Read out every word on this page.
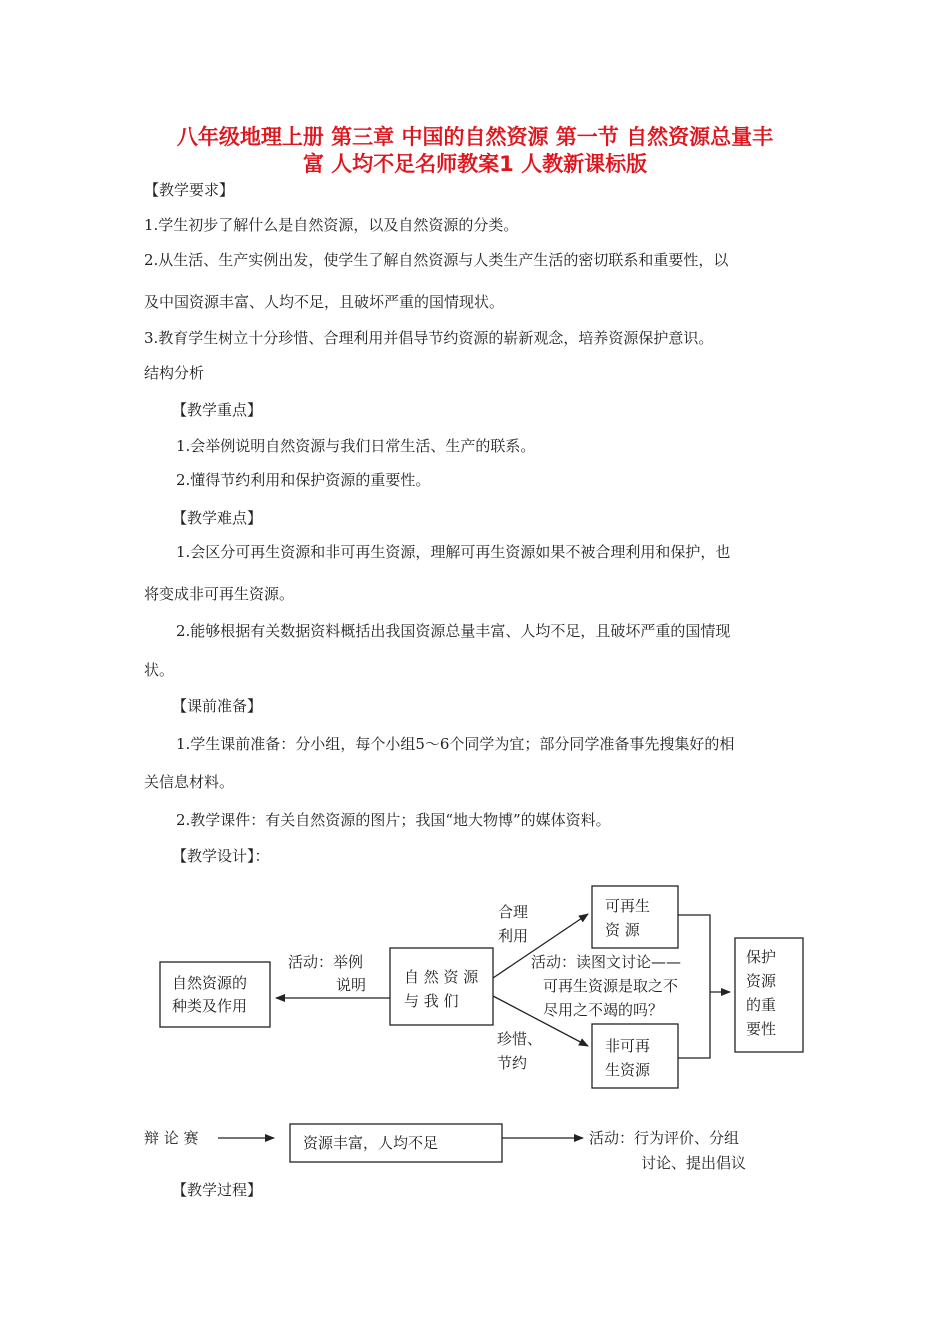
八年级地理上册 第三章 中国的自然资源 第一节 自然资源总量丰
富 人均不足名师教案1 人教新课标版
【教学要求】
1.学生初步了解什么是自然资源，以及自然资源的分类。
2.从生活、生产实例出发，使学生了解自然资源与人类生产生活的密切联系和重要性，以
及中国资源丰富、人均不足，且破坏严重的国情现状。
3.教育学生树立十分珍惜、合理利用并倡导节约资源的崭新观念，培养资源保护意识。
结构分析
【教学重点】
1.会举例说明自然资源与我们日常生活、生产的联系。
2.懂得节约利用和保护资源的重要性。
【教学难点】
1.会区分可再生资源和非可再生资源，理解可再生资源如果不被合理利用和保护，也
将变成非可再生资源。
2.能够根据有关数据资料概括出我国资源总量丰富、人均不足，且破坏严重的国情现
状。
【课前准备】
1.学生课前准备：分小组，每个小组5～6个同学为宜；部分同学准备事先搜集好的相
关信息材料。
2.教学课件：有关自然资源的图片；我国“地大物博”的媒体资料。
【教学设计】：
自然资源的
种类及作用
活动：举例
说明	自 然 资 源
与 我 们
合理
利用
可再生
资 源
活动：读图文讨论——
可再生资源是取之不
尽用之不竭的吗？
珍惜、
节约
非可再
生资源
保护
资源
的重
要性
辩 论 赛	资源丰富，人均不足	活动：行为评价、分组
讨论、提出倡议
【教学过程】
